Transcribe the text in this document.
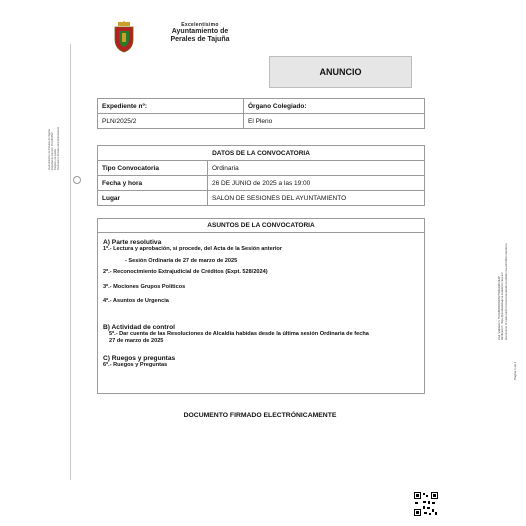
Excelentísimo
Ayuntamiento de
Perales de Tajuña
Ayuntamiento de Perales de Tajuña Expediente número: PLN/2025/2 Registro de salida Documento firmado electrónicamente
Cód. Validación: 7K6XM3FRDNMW7N9GQ9F2E4P Verificación: https://peralesdetajuna.sedelectronica.es/ Documento firmado electrónicamente desde la plataforma esPublico Gestiona
Página 1 de 1
ANUNCIO
Expediente nº:	Órgano Colegiado:
PLN/2025/2	El Pleno
DATOS DE LA CONVOCATORIA
Tipo Convocatoria	Ordinaria
Fecha y hora	26 DE JUNIO de 2025 a las 19:00
Lugar	SALON DE SESIONES DEL AYUNTAMIENTO
ASUNTOS DE LA CONVOCATORIA
A) Parte resolutiva
1º.- Lectura y aprobación, si procede, del Acta de la Sesión anterior
- Sesión Ordinaria de 27 de marzo de 2025
2º.- Reconocimiento Extrajudicial de Créditos (Expt. 528/2024)
3º.- Mociones Grupos Políticos
4º.- Asuntos de Urgencia
B) Actividad de control
5º.- Dar cuenta de las Resoluciones de Alcaldía habidas desde la última sesión Ordinaria de fecha
27 de marzo de 2025
C) Ruegos y preguntas
6º.- Ruegos y Preguntas
DOCUMENTO FIRMADO ELECTRÓNICAMENTE
